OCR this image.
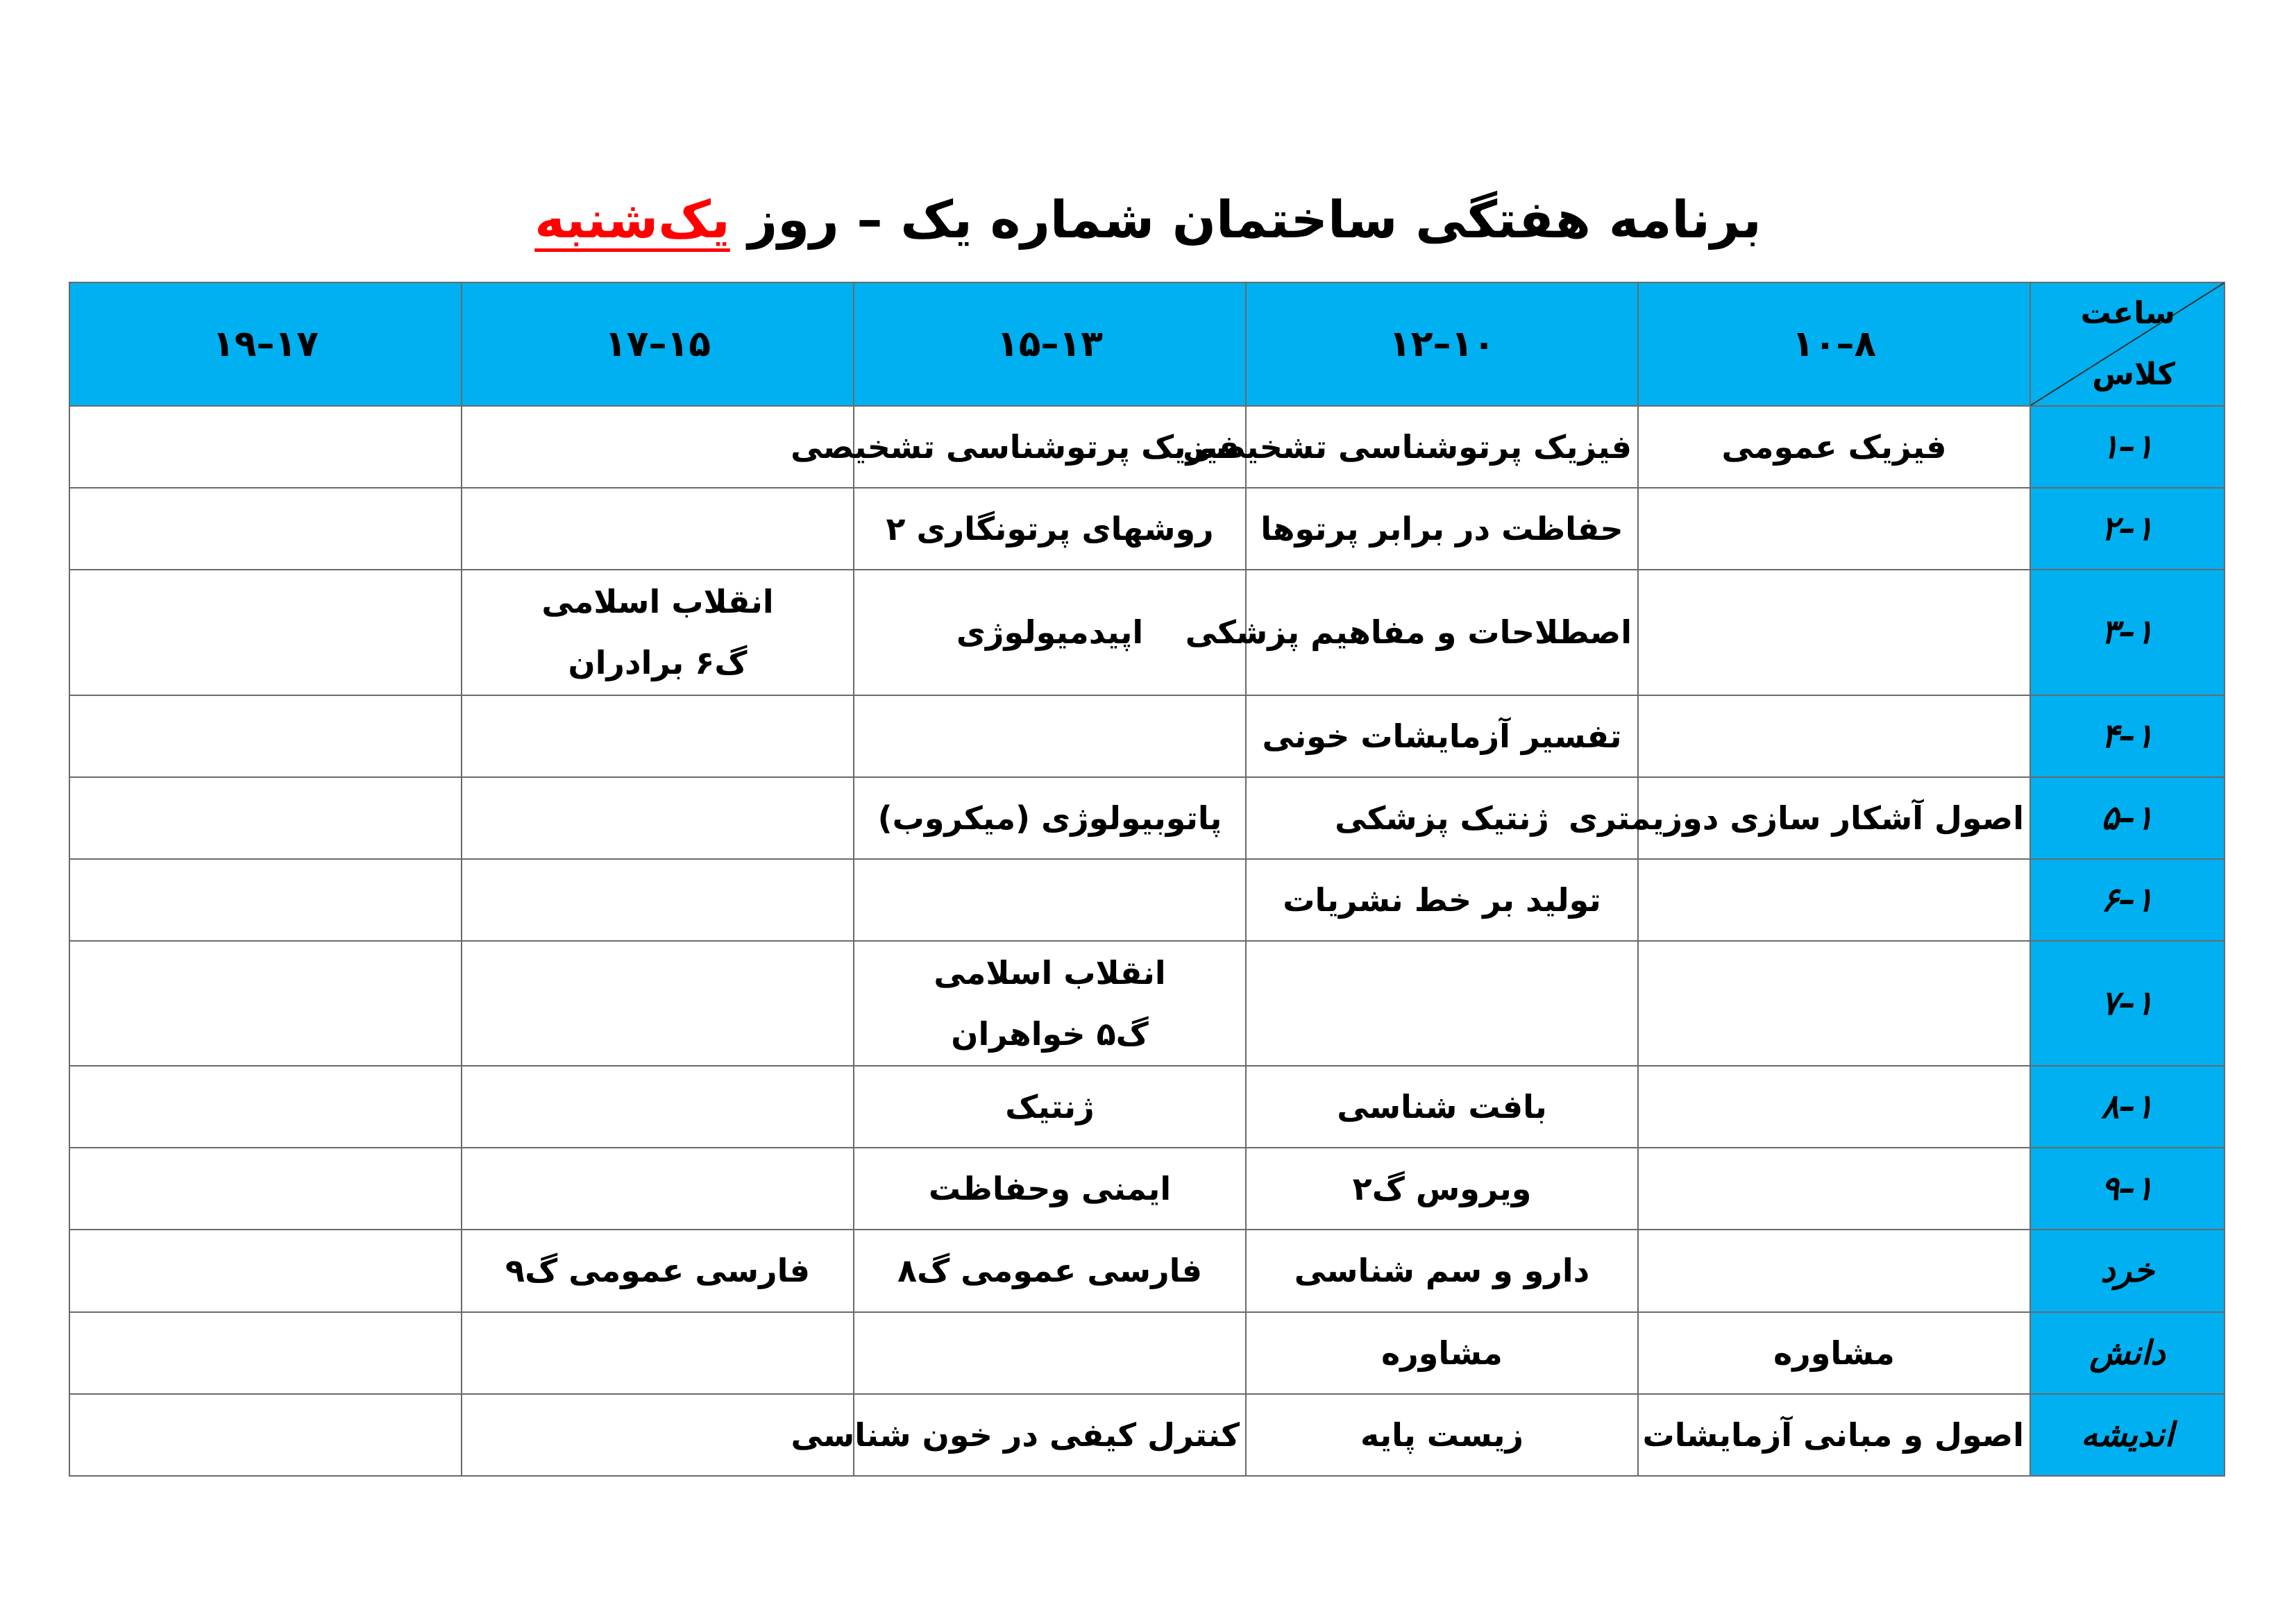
برنامه هفتگی ساختمان شماره یک – روز یک‌شنبه
ساعت
کلاس	۸–۱۰	۱۰–۱۲	۱۳–۱۵	۱۵–۱۷	۱۷–۱۹
۱–۱	فیزیک عمومی	فیزیک پرتوشناسی تشخیصی	فیزیک پرتوشناسی تشخیصی		

۱–۲		حفاظت در برابر پرتوها	روشهای پرتونگاری ۲		

۱–۳		اصطلاحات و مفاهیم پزشکی	اپیدمیولوژی	انقلاب اسلامی
گ۶ برادران	

۱–۴		تفسیر آزمایشات خونی			

۱–۵	اصول آشکار سازی دوزیمتری	ژنتیک پزشکی	پاتوبیولوژی (میکروب)		

۱–۶		تولید بر خط نشریات			

۱–۷			انقلاب اسلامی
گ۵ خواهران		

۱–۸		بافت شناسی	ژنتیک		

۱–۹		ویروس گ۲	ایمنی وحفاظت		

خرد		دارو و سم شناسی	فارسی عمومی گ۸	فارسی عمومی گ۹	

دانش	مشاوره	مشاوره			

اندیشه	اصول و مبانی آزمایشات	زیست پایه	کنترل کیفی در خون شناسی		
